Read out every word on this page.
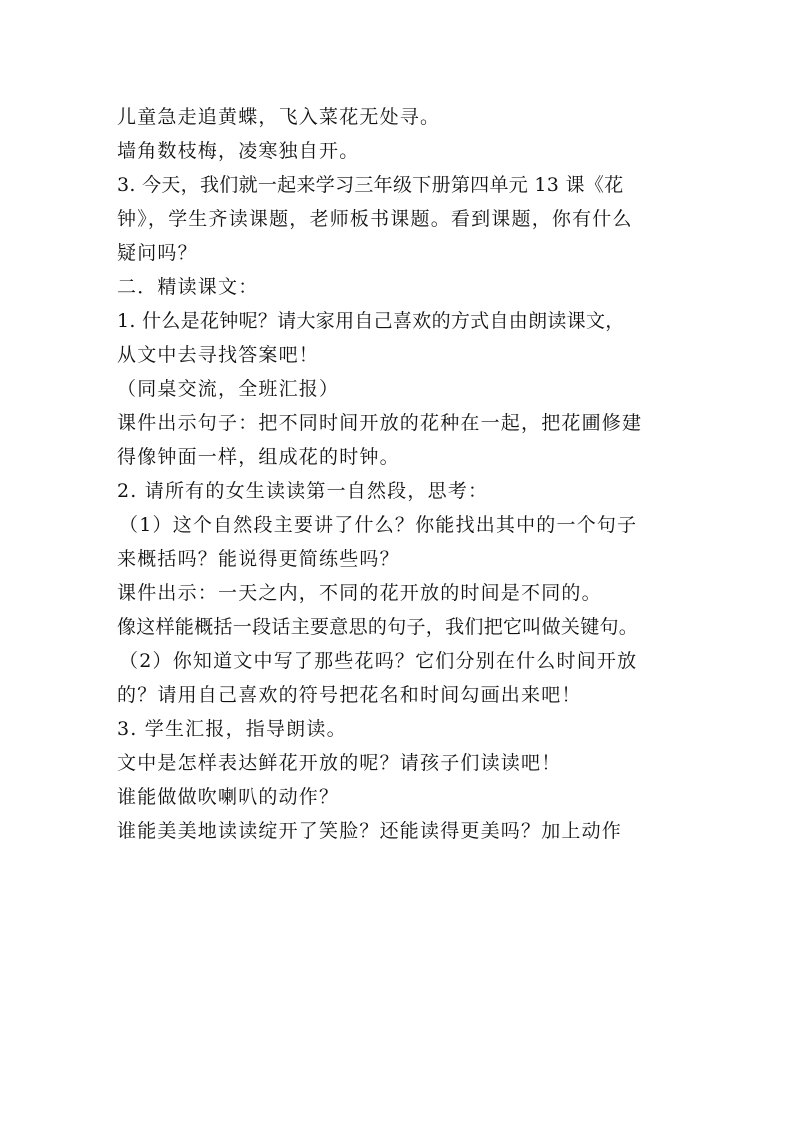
儿童急走追黄蝶，飞入菜花无处寻。
墙角数枝梅，凌寒独自开。
3. 今天，我们就一起来学习三年级下册第四单元 13 课《花
钟》，学生齐读课题，老师板书课题。看到课题，你有什么
疑问吗？
二．精读课文：
1. 什么是花钟呢？请大家用自己喜欢的方式自由朗读课文，
从文中去寻找答案吧！
（同桌交流，全班汇报）
课件出示句子：把不同时间开放的花种在一起，把花圃修建
得像钟面一样，组成花的时钟。
2. 请所有的女生读读第一自然段，思考：
（1）这个自然段主要讲了什么？你能找出其中的一个句子
来概括吗？能说得更简练些吗？
课件出示：一天之内，不同的花开放的时间是不同的。
像这样能概括一段话主要意思的句子，我们把它叫做关键句。
（2）你知道文中写了那些花吗？它们分别在什么时间开放
的？请用自己喜欢的符号把花名和时间勾画出来吧！
3. 学生汇报，指导朗读。
文中是怎样表达鲜花开放的呢？请孩子们读读吧！
谁能做做吹喇叭的动作？
谁能美美地读读绽开了笑脸？还能读得更美吗？加上动作
